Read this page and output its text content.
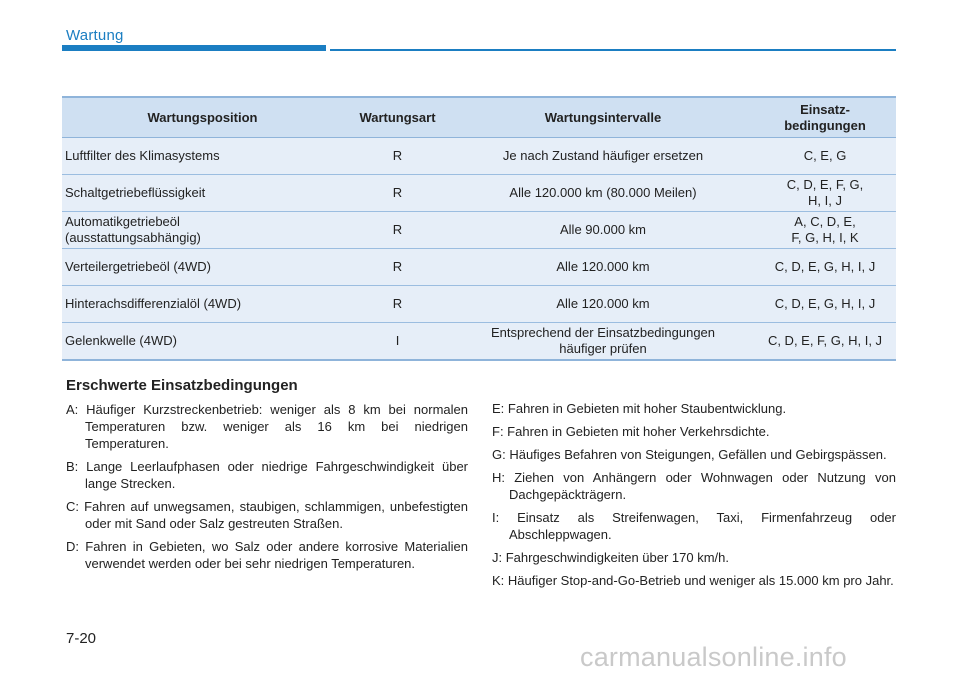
Wartung
Wartungsposition	Wartungsart	Wartungsintervalle	Einsatz-
bedingungen
Luftfilter des Klimasystems	R	Je nach Zustand häufiger ersetzen	C, E, G
Schaltgetriebeflüssigkeit	R	Alle 120.000 km (80.000 Meilen)	C, D, E, F, G,
H, I, J
Automatikgetriebeöl
(ausstattungsabhängig)	R	Alle 90.000 km	A, C, D, E,
F, G, H, I, K
Verteilergetriebeöl (4WD)	R	Alle 120.000 km	C, D, E, G, H, I, J
Hinterachsdifferenzialöl (4WD)	R	Alle 120.000 km	C, D, E, G, H, I, J
Gelenkwelle (4WD)	I	Entsprechend der Einsatzbedingungen
häufiger prüfen	C, D, E, F, G, H, I, J
Erschwerte Einsatzbedingungen
A: Häufiger Kurzstreckenbetrieb: weniger als 8 km bei normalen Temperaturen bzw. weniger als 16 km bei niedrigen Temperaturen.
B: Lange Leerlaufphasen oder niedrige Fahrgeschwindigkeit über lange Strecken.
C: Fahren auf unwegsamen, staubigen, schlammigen, unbefestigten oder mit Sand oder Salz gestreuten Straßen.
D: Fahren in Gebieten, wo Salz oder andere korrosive Materialien verwendet werden oder bei sehr niedrigen Temperaturen.
E: Fahren in Gebieten mit hoher Staubentwicklung.
F: Fahren in Gebieten mit hoher Verkehrsdichte.
G: Häufiges Befahren von Steigungen, Gefällen und Gebirgspässen.
H: Ziehen von Anhängern oder Wohnwagen oder Nutzung von Dachgepäckträgern.
I: Einsatz als Streifenwagen, Taxi, Firmenfahrzeug oder Abschleppwagen.
J: Fahrgeschwindigkeiten über 170 km/h.
K: Häufiger Stop-and-Go-Betrieb und weniger als 15.000 km pro Jahr.
7-20
carmanualsonline.info
